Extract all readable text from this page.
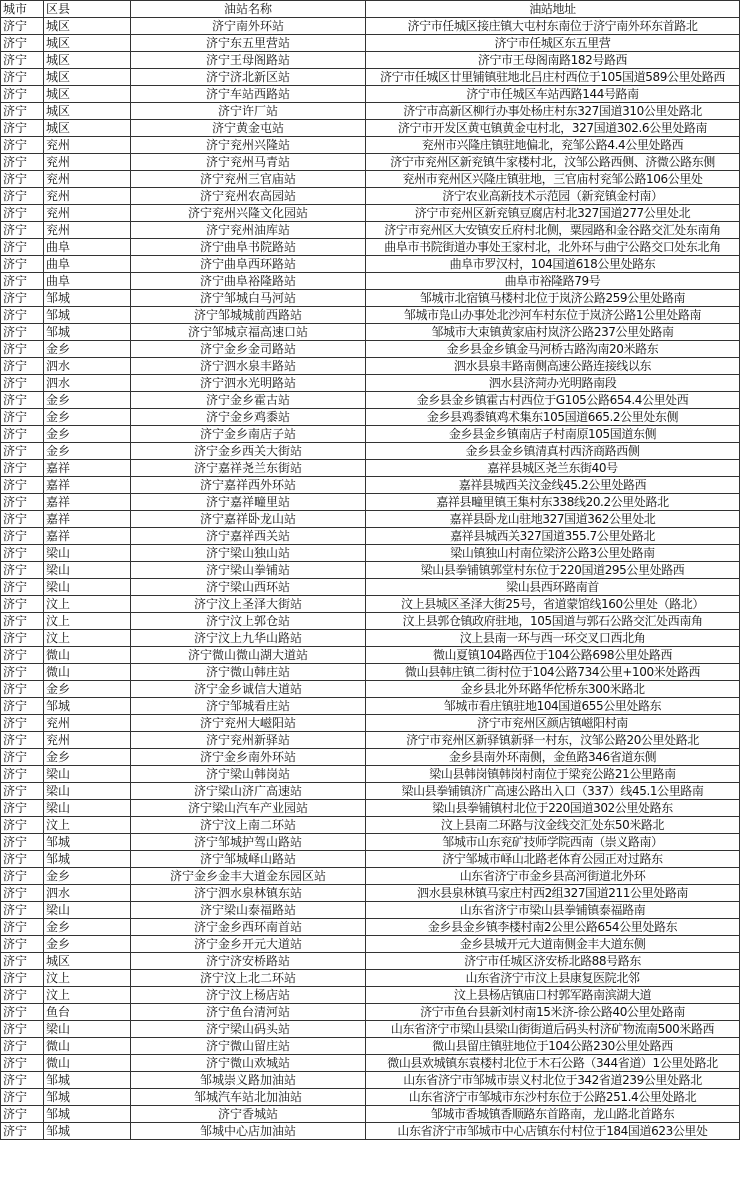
城市	区县	油站名称	油站地址
济宁	城区	济宁南外环站	济宁市任城区接庄镇大屯村东南位于济宁南外环东首路北
济宁	城区	济宁东五里营站	济宁市任城区东五里营
济宁	城区	济宁王母阁路站	济宁市王母阁南路182号路西
济宁	城区	济宁济北新区站	济宁市任城区廿里铺镇驻地北吕庄村西位于105国道589公里处路西
济宁	城区	济宁车站西路站	济宁市任城区车站西路144号路南
济宁	城区	济宁许厂站	济宁市高新区柳行办事处杨庄村东327国道310公里处路北
济宁	城区	济宁黄金屯站	济宁市开发区黄屯镇黄金屯村北，327国道302.6公里处路南
济宁	兖州	济宁兖州兴隆站	兖州市兴隆庄镇驻地偏北，兖邹公路4.4公里处路西
济宁	兖州	济宁兖州马青站	济宁市兖州区新兖镇牛家楼村北，汶邹公路西侧、济微公路东侧
济宁	兖州	济宁兖州三官庙站	兖州市兖州区兴隆庄镇驻地，三官庙村兖邹公路106公里处
济宁	兖州	济宁兖州农高园站	济宁农业高新技术示范园（新兖镇金村南）
济宁	兖州	济宁兖州兴隆文化园站	济宁市兖州区新兖镇豆腐店村北327国道277公里处北
济宁	兖州	济宁兖州油库站	济宁市兖州区大安镇安丘府村北侧，粟园路和金谷路交汇处东南角
济宁	曲阜	济宁曲阜书院路站	曲阜市书院街道办事处王家村北，北外环与曲宁公路交口处东北角
济宁	曲阜	济宁曲阜西环路站	曲阜市罗汉村，104国道618公里处路东
济宁	曲阜	济宁曲阜裕隆路站	曲阜市裕隆路79号
济宁	邹城	济宁邹城白马河站	邹城市北宿镇马楼村北位于岚济公路259公里处路南
济宁	邹城	济宁邹城城前西路站	邹城市凫山办事处北沙河车村东位于岚济公路1公里处路南
济宁	邹城	济宁邹城京福高速口站	邹城市大束镇黄家庙村岚济公路237公里处路南
济宁	金乡	济宁金乡金司路站	金乡县金乡镇金马河桥古路沟南20米路东
济宁	泗水	济宁泗水泉丰路站	泗水县泉丰路南侧高速公路连接线以东
济宁	泗水	济宁泗水光明路站	泗水县济菏办光明路南段
济宁	金乡	济宁金乡霍古站	金乡县金乡镇霍古村西位于G105公路654.4公里处西
济宁	金乡	济宁金乡鸡黍站	金乡县鸡黍镇鸡术集东105国道665.2公里处东侧
济宁	金乡	济宁金乡南店子站	金乡县金乡镇南店子村南原105国道东侧
济宁	金乡	济宁金乡西关大街站	金乡县金乡镇清真村西济商路西侧
济宁	嘉祥	济宁嘉祥尧兰东街站	嘉祥县城区尧兰东街40号
济宁	嘉祥	济宁嘉祥西外环站	嘉祥县城西关汶金线45.2公里处路西
济宁	嘉祥	济宁嘉祥疃里站	嘉祥县疃里镇王集村东338线20.2公里处路北
济宁	嘉祥	济宁嘉祥卧龙山站	嘉祥县卧龙山驻地327国道362公里处北
济宁	嘉祥	济宁嘉祥西关站	嘉祥县城西关327国道355.7公里处路北
济宁	梁山	济宁梁山独山站	梁山镇独山村南位梁济公路3公里处路南
济宁	梁山	济宁梁山拳铺站	梁山县拳铺镇郭堂村东位于220国道295公里处路西
济宁	梁山	济宁梁山西环站	梁山县西环路南首
济宁	汶上	济宁汶上圣泽大街站	汶上县城区圣泽大街25号，省道蒙馆线160公里处（路北）
济宁	汶上	济宁汶上郭仓站	汶上县郭仓镇政府驻地，105国道与郭石公路交汇处西南角
济宁	汶上	济宁汶上九华山路站	汶上县南一环与西一环交叉口西北角
济宁	微山	济宁微山微山湖大道站	微山夏镇104路西位于104公路698公里处路西
济宁	微山	济宁微山韩庄站	微山县韩庄镇二街村位于104公路734公里+100米处路西
济宁	金乡	济宁金乡诚信大道站	金乡县北外环路华佗桥东300米路北
济宁	邹城	济宁邹城看庄站	邹城市看庄镇驻地104国道655公里处路东
济宁	兖州	济宁兖州大嵫阳站	济宁市兖州区颜店镇嵫阳村南
济宁	兖州	济宁兖州新驿站	济宁市兖州区新驿镇新驿一村东，汶邹公路20公里处路北
济宁	金乡	济宁金乡南外环站	金乡县南外环南侧，金鱼路346省道东侧
济宁	梁山	济宁梁山韩岗站	梁山县韩岗镇韩岗村南位于梁兖公路21公里路南
济宁	梁山	济宁梁山济广高速站	梁山县拳铺镇济广高速公路出入口（337）线45.1公里路南
济宁	梁山	济宁梁山汽车产业园站	梁山县拳铺镇村北位于220国道302公里处路东
济宁	汶上	济宁汶上南二环站	汶上县南二环路与汶金线交汇处东50米路北
济宁	邹城	济宁邹城护驾山路站	邹城市山东兖矿技师学院西南（崇义路南）
济宁	邹城	济宁邹城峄山路站	济宁邹城市峄山北路老体育公园正对过路东
济宁	金乡	济宁金乡金丰大道金东园区站	山东省济宁市金乡县高河街道北外环
济宁	泗水	济宁泗水泉林镇东站	泗水县泉林镇马家庄村西2组327国道211公里处路南
济宁	梁山	济宁梁山泰福路站	山东省济宁市梁山县拳铺镇泰福路南
济宁	金乡	济宁金乡西环南首站	金乡县金乡镇李楼村南2公里公路654公里处路东
济宁	金乡	济宁金乡开元大道站	金乡县城开元大道南侧金丰大道东侧
济宁	城区	济宁济安桥路站	济宁市任城区济安桥北路88号路东
济宁	汶上	济宁汶上北二环站	山东省济宁市汶上县康复医院北邻
济宁	汶上	济宁汶上杨店站	汶上县杨店镇庙口村郭军路南滨湖大道
济宁	鱼台	济宁鱼台清河站	济宁市鱼台县新刘村南15米济-徐公路40公里处路南
济宁	梁山	济宁梁山码头站	山东省济宁市梁山县梁山街街道后码头村济矿物流南500米路西
济宁	微山	济宁微山留庄站	微山县留庄镇驻地位于104公路230公里处路西
济宁	微山	济宁微山欢城站	微山县欢城镇东袁楼村北位于木石公路（344省道）1公里处路北
济宁	邹城	邹城崇义路加油站	山东省济宁市邹城市崇义村北位于342省道239公里处路北
济宁	邹城	邹城汽车站北加油站	山东省济宁市邹城市东沙村东位于公路251.4公里处路北
济宁	邹城	济宁香城站	邹城市香城镇香顺路东首路南，龙山路北首路东
济宁	邹城	邹城中心店加油站	山东省济宁市邹城市中心店镇东付村位于184国道623公里处
